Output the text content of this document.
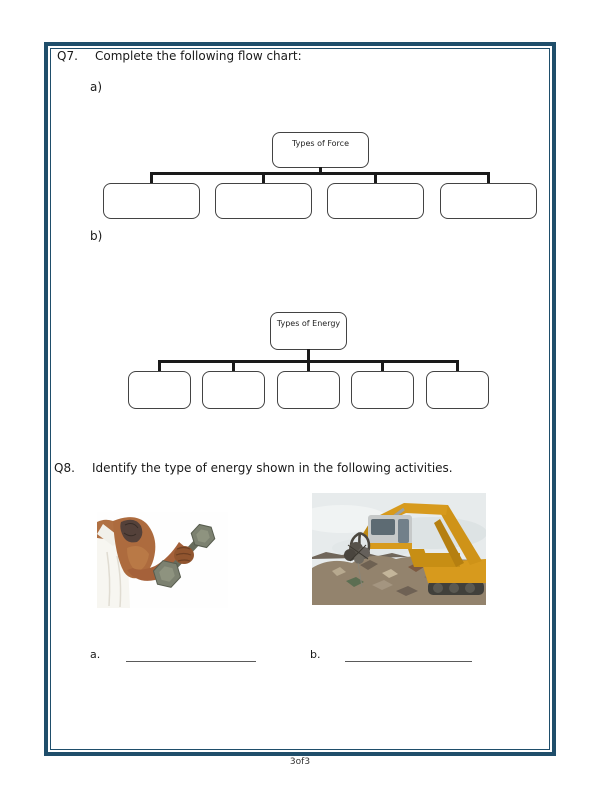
Q7. Complete the following flow chart:
a)
Types of Force
b)
Types of Energy
Q8. Identify the type of energy shown in the following activities.
a.	b.
3of3
